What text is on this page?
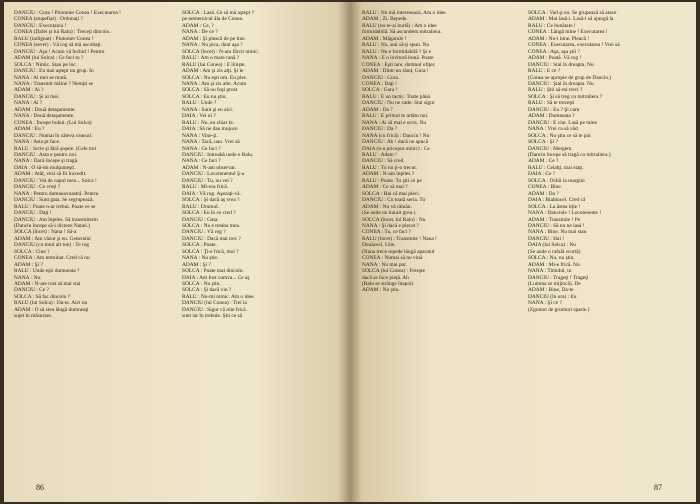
DANCIU : Gura ! Plutonier Conea ! Executarea !
CONEA (stupefiat) : Ordonaţi ?
DANCIU : Executarea !
CONEA (Dafei şi lui Ralu) : Treceţi dincolo.
RALU (indignat) : Plutonier Conea !
CONEA (sever) : Vă rog să mă ascultaţi.
DANCIU : Aşa ! Acum vă închid ! Pentru
ADAM (lui Solca) : Ce faci tu ?
SOLCA : Nimic. Stau pe loc.
DANCIU : Eu mai aştept un grup. În
NANA : Ai mei se mută.
NANA : Transmit mâine ? Nemţii se
ADAM : Ai ?
DANCIU : Şi ai mei.
NANA : Ai ?
ADAM : Două detaşamente.
NANA : Două detaşamente.
CONEA : Începe bubui. (Lui Solca)
ADAM : Eu ?
DANCIU : Numai în câteva ceasuri.
NANA : Asta pt face.
RALU : Scrie şi fără şoşele. (Cele trei
DANCIU : Asta e pentru noi.
NANA : Dacă începe şi tragă.
DAIA : O să-mi mulţumeşti.
ADAM : Atât, vezi să fii încredit.
DANCIU : Vai de capul meu... Solca !
DANCIU : Ce vreţi ?
NANA : Pentru dumneavoastră. Pentru
DANCIU : Sunt gata. Se regrupează.
RALU : Poate n-ar trebui. Poate ce se
DANCIU : Daţi !
DANCIU : Am înţeles. Să transmiterm
(Danciu începe să-i dicteze Nanei.)
SOLCA (încet) : Nana ! Să-a
ADAM : Am văzut şi eu. Generalul
DANCIU (cu totul alt ton) : Te rog
SOLCA : Cine ?
CONEA : Am terminat. Cred că nu
ADAM : Şi ?
RALU : Unde eşti dumneata ?
NANA : Nu.
ADAM : N-are rost să mai stai
DANCIU : Ce ?
SOLCA : Să fac dincolo ?
RALU (lui Solca) : Da-te. Aici nu
ADAM : O să stea lângă dumneaţi
sujet în măsurare.
SOLCA : Lasă. Ce să mă aştept ?
pe nemernicul ăla de Conea.
ADAM : Ce, ?
NANA : De ce ?
ADAM : Şi pleacă de pe tine.
NANA : Nu pica, doar aşa ?
SOLCA (încet) : N-am fărcit nimic.
RALU : Am o mare rană ?
RALU (lui Conea) : E linişte.
ADAM : Am şi zis alţi. Şi le
SOLCA : Nu eşti om. Eu plec.
NANA : Am şi zis alte. Acum
SOLCA : Să nu fuşi prost
SOLCA : Eu nu ştiu.
RALU : Unde ?
NANA : Sunt şi eu aici.
DAIA : Vei oi ?
RALU : Nu, eu chiar le.
DAIA : Să ne dau mujuce
NANA : Vine-ţi.
NANA : Tacă, uau. Vrei să
NANA : Ce faci ?
DANCIU : Intreabă unde e Ralu.
NANA : Ce faci ?
ADAM : N-am observat.
DANCIU : Locotenentul Ş-a
DANCIU : Tu, nu vei ?
RALU : Mi-era frică.
DAIA : Vă rog. Aşezaţi-vă.
SOLCA : Şi dacă aş vrea ?
RALU : Drumul.
SOLCA : Eu în ce cred ?
DANCIU : Gata.
SOLCA : Nu e treaba mea.
DANCIU : Vă rog ?
DANCIU : Dacă mai trec ?
SOLCA : Poate.
SOLCA : Ţi-e frică, moi ?
NANA : Nu ştie.
ADAM : Şi ?
SOLCA : Poate mai dincolo.
DAIA : Am fost cumva... Ce aş
SOLCA : Nu ştiu.
SOLCA : Şi dacă vin ?
RALU : Nu-mi nimic. Am o idee.
DANCIU (lui Conea) : Trei la
DANCIU : Sigur că mie frică.
sunt iar în trebuie. Ştii ce să
86
RALU : Nu mă interesează. Am o idee.
ADAM : Zi. Repede.
RALU (nu te-ai burlă) : Am o idee
formidabilă. Să ascundem mitraliera.
ADAM : Măgarule !
RALU : Nu, stai să-ţi spun. Nu
RALU : Nu e formidabilă ? Şi e
NANA : E o lovitură bună. Poate
CONEA : Eşti tare, domnul ofiţer.
ADAM : Dintr-un rând, Gura !
DANCIU : Gura.
CONEA : Daţi !
SOLCA : Gura !
RALU : E un tactic. Toate până
DANCIU : Nu ne cade. Stai sigur
ADAM : Da ?
RALU : E primul te artătu noi.
NANA : Ai să mai e scris. Nu
DANCIU : Da ?
NANA (cu frică) : Danciu ! Nu
DANCIU : Ah ! dacă ne apucă
DAIA (n-a priceput nimic) : Ce
RALU : Adam !
DANCIU : Să cred.
RALU : Tu nu ţi-o trecut.
ADAM : N-am înţeles ?
RALU : Poate. Tu ştii ce pe
ADAM : Ce să mai ?
SOLCA : Hai că mai pleci.
DANCIU : Cu toată seria. Tu
ADAM : Nu vă rămân.
(Se aude un hurait greu.)
SOLCA (încet, lui Ralu) : Nu
NANA : Şi dacă e plecat ?
CONEA : Tu, ce faci ?
RALU (încet) : Transmite ! Nana !
Douăzeci. Uite.
(Nana trece repede lângă aparatul
CONEA : Numai să nu vină
NANA : Nu mai pot.
SOLCA (lui Conea) : Fereşte
dacă se face pieţă. Ah
(Ralu se strânge înapoi)
ADAM : Nu ştiu.
SOLCA : Vad şi eu. Se grupează să atace
ADAM : Mai lasă-i. Lasă-i să ajungă la
RALU : Ce bunătate !
CONEA : Lângă mine ! Executarea !
ADAM : Nu-i bine. Pleacă !
CONEA : Executarea, executarea ! Vrei să
CONEA : Aşa, aşa ştii ?
ADAM : Poată. Vă rog !
DANCIU : Stai în dreapta. Nu
RALU : E ce ?
(Conea se apropie de grup de Danciu.)
DANCIU : Ştai în dreapta. Nu
RALU : Ştii să-mi treci ?
SOLCA : Şi să treg cu mitraliera ?
RALU : Să te trezeşti
DANCIU : Eu ? Şi cum
ADAM : Dumneata ?
DANCIU : E clar. Lasă pe mine
NANA : Vrei ca să văd
SOLCA : Nu ştiu ce să te pui
SOLCA : Şi ?
DANCIU : Mergem.
(Danciu începe să tragă cu mitraliera.)
ADAM : Ce ?
RALU : Celalţi, mai staţi.
DAIA : Ce ?
SOLCA : Ochii la margini
CONEA : Bine.
ADAM : Da ?
DAIA : Biabiucel. Cred că
SOLCA : La ăstea tiţle !
NANA : Danciule ! Locotenente !
ADAM : Transmite ! Pe
DANCIU : Să nu ne lasă !
NANA : Bine. Nu mai stau
DANCIU : Hai !
DAIA (lui Solca) : Nu
(Se aude o rafală scurtă)
SOLCA : Nu, nu ştiu.
ADAM : Mi-e frică. Nu
NANA : Timidul, tu
DANCIU : Trageţi ! Trageţi
(Lumina se mijlocă). De
ADAM : Bine, Da-te
DANCIU (în ora) : Eu
NANA : Şi ce ?
(Zgomot de gromuri sparte.)
87
